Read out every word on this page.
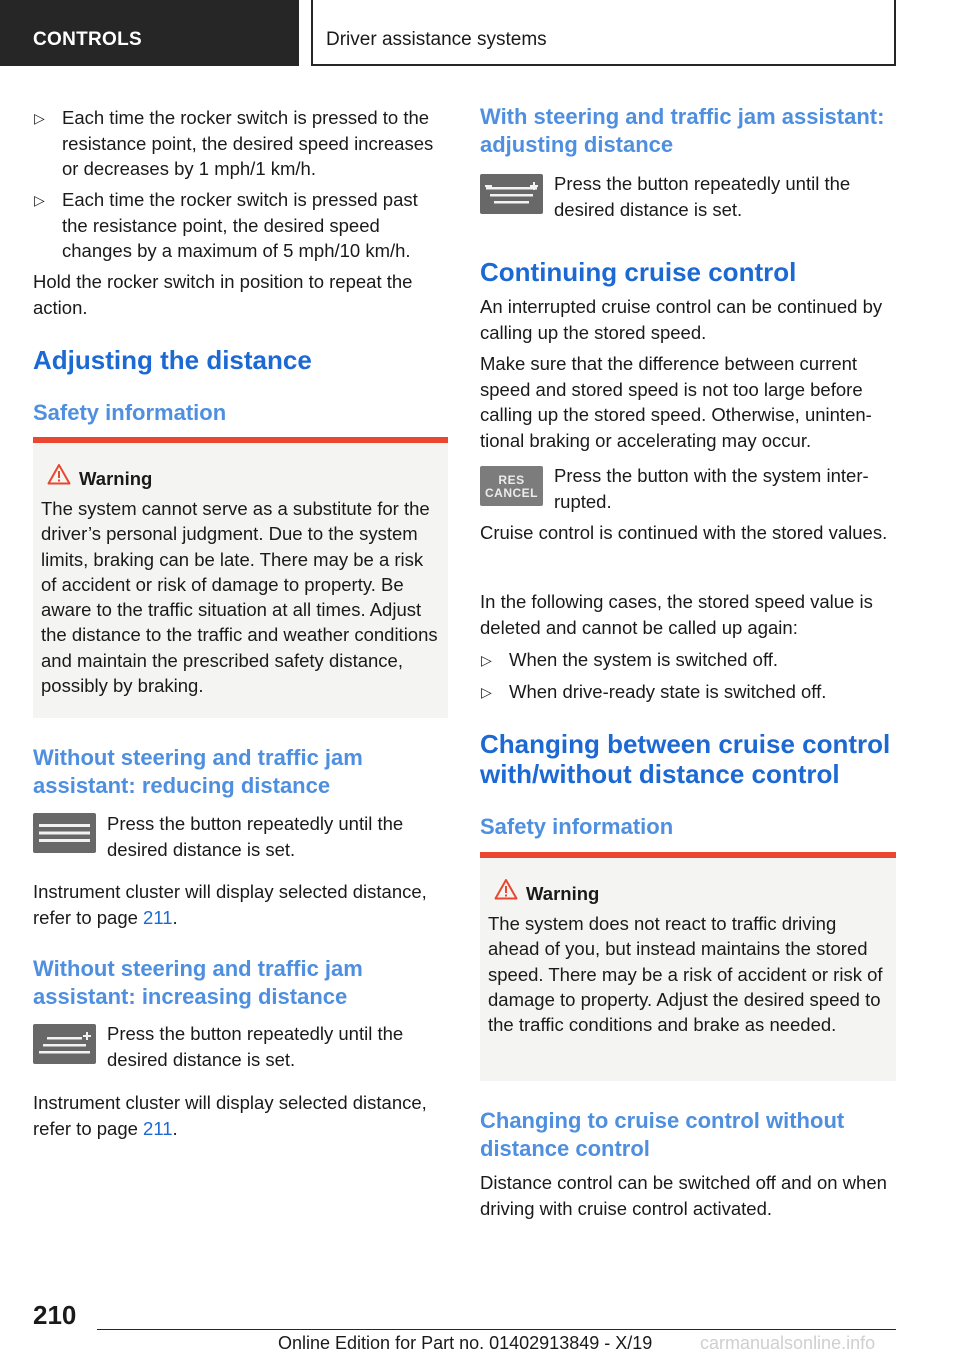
CONTROLS	Driver assistance systems
▷ Each time the rocker switch is pressed to the resistance point, the desired speed increases or decreases by 1 mph/1 km/h.
▷ Each time the rocker switch is pressed past the resistance point, the desired speed changes by a maximum of 5 mph/10 km/h.
Hold the rocker switch in position to repeat the action.
Adjusting the distance
Safety information
Warning
The system cannot serve as a substitute for the driver’s personal judgment. Due to the system limits, braking can be late. There may be a risk of accident or risk of damage to property. Be aware to the traffic situation at all times. Adjust the distance to the traffic and weather conditions and maintain the prescribed safety distance, possibly by braking.
Without steering and traffic jam assistant: reducing distance
Press the button repeatedly until the desired distance is set.
Instrument cluster will display selected distance, refer to page 211.
Without steering and traffic jam assistant: increasing distance
Press the button repeatedly until the desired distance is set.
Instrument cluster will display selected distance, refer to page 211.
With steering and traffic jam assistant: adjusting distance
Press the button repeatedly until the desired distance is set.
Continuing cruise control
An interrupted cruise control can be continued by calling up the stored speed.
Make sure that the difference between current speed and stored speed is not too large before calling up the stored speed. Otherwise, unintentional braking or accelerating may occur.
RES
CANCEL
Press the button with the system interrupted.
Cruise control is continued with the stored values.
In the following cases, the stored speed value is deleted and cannot be called up again:
▷ When the system is switched off.
▷ When drive-ready state is switched off.
Changing between cruise control with/without distance control
Safety information
Warning
The system does not react to traffic driving ahead of you, but instead maintains the stored speed. There may be a risk of accident or risk of damage to property. Adjust the desired speed to the traffic conditions and brake as needed.
Changing to cruise control without distance control
Distance control can be switched off and on when driving with cruise control activated.
210
Online Edition for Part no. 01402913849 - X/19	carmanualsonline.info
